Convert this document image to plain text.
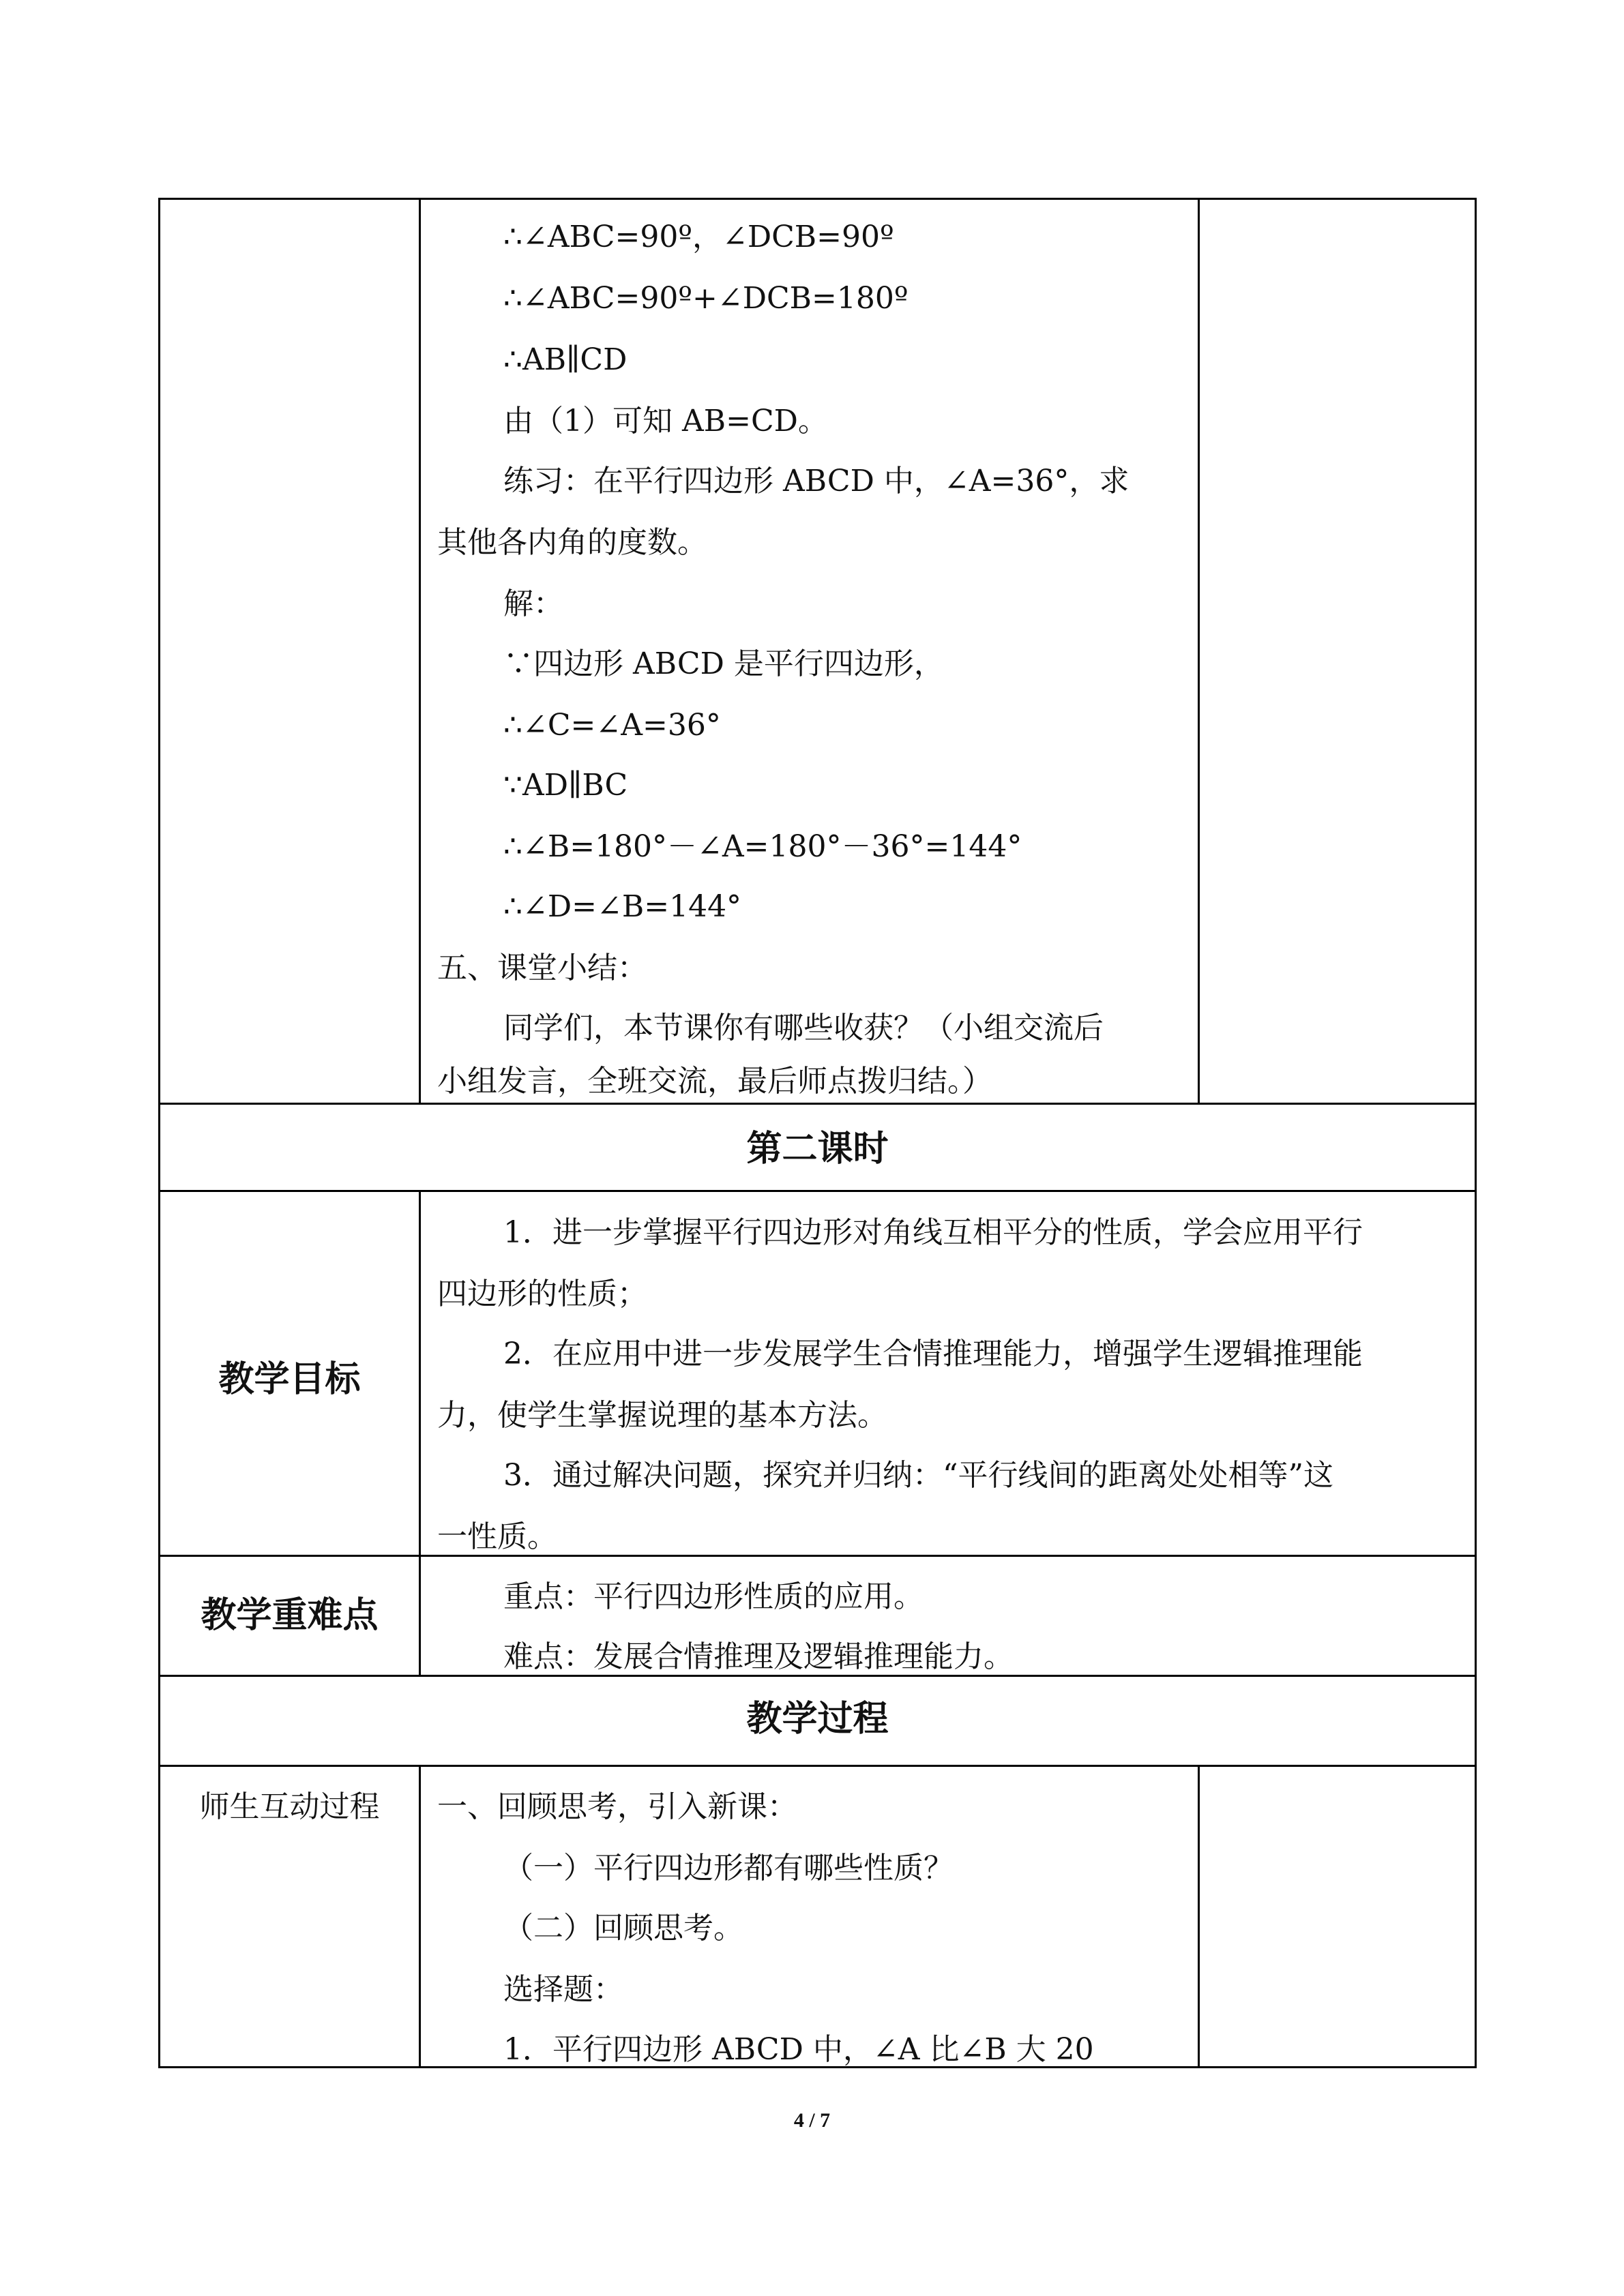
∴∠ABC=90º，∠DCB=90º
∴∠ABC=90º+∠DCB=180º
∴AB∥CD
由（1）可知 AB=CD。
练习：在平行四边形 ABCD 中，∠A=36°，求
其他各内角的度数。
解：
∵四边形 ABCD 是平行四边形，
∴∠C=∠A=36°
∵AD∥BC
∴∠B=180°－∠A=180°－36°=144°
∴∠D=∠B=144°
五、课堂小结：
同学们，本节课你有哪些收获？（小组交流后
小组发言，全班交流，最后师点拨归结。）
第二课时
教学目标
1．进一步掌握平行四边形对角线互相平分的性质，学会应用平行
四边形的性质；
2．在应用中进一步发展学生合情推理能力，增强学生逻辑推理能
力，使学生掌握说理的基本方法。
3．通过解决问题，探究并归纳：“平行线间的距离处处相等”这
一性质。
教学重难点	重点：平行四边形性质的应用。
难点：发展合情推理及逻辑推理能力。
教学过程
师生互动过程	一、回顾思考，引入新课：
（一）平行四边形都有哪些性质？
（二）回顾思考。
选择题：
1．平行四边形 ABCD 中，∠A 比∠B 大 20
4 / 7
